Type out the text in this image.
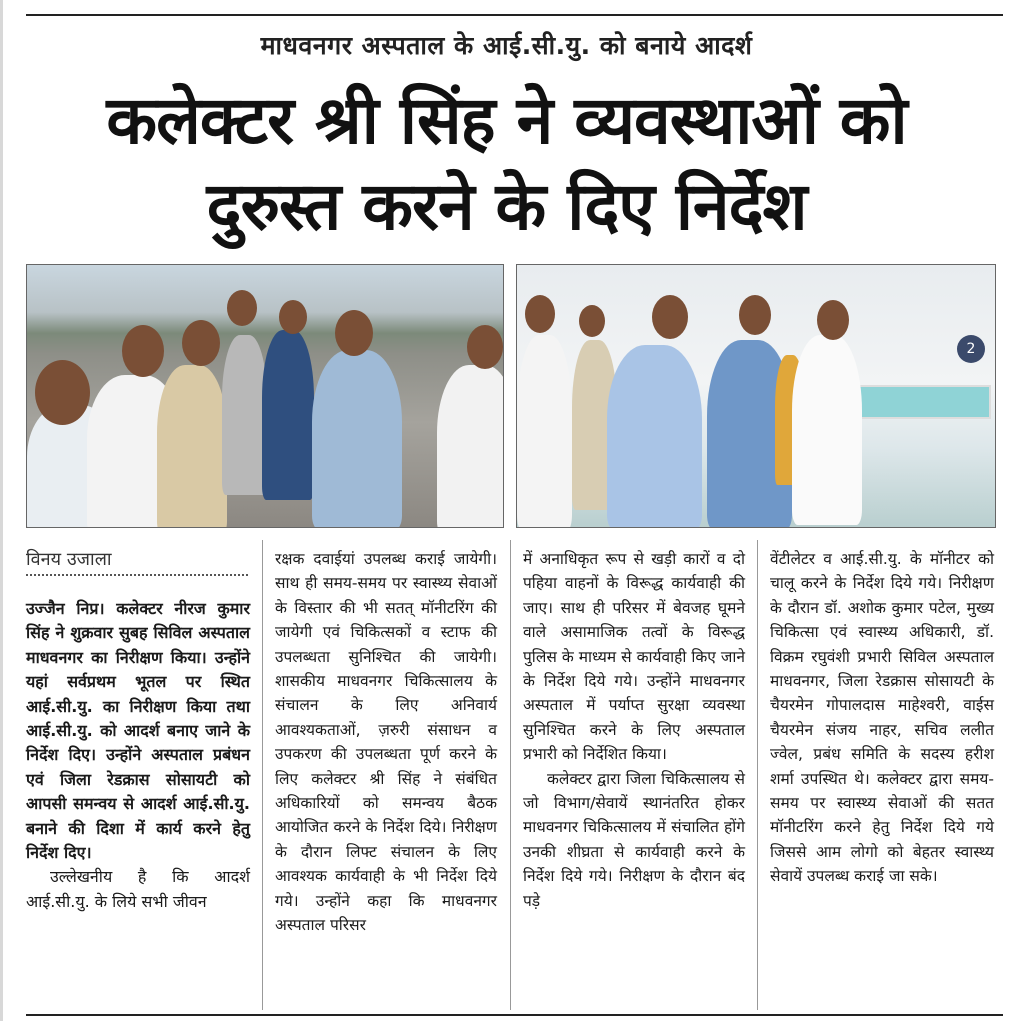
माधवनगर अस्पताल के आई.सी.यु. को बनाये आदर्श
कलेक्टर श्री सिंह ने व्यवस्थाओं को
दुरुस्त करने के दिए निर्देश
2
विनय उजाला

उज्जैन निप्र। कलेक्टर नीरज कुमार सिंह ने शुक्रवार सुबह सिविल अस्पताल माधवनगर का निरीक्षण किया। उन्होंने यहां सर्वप्रथम भूतल पर स्थित आई.सी.यु. का निरीक्षण किया तथा आई.सी.यु. को आदर्श बनाए जाने के निर्देश दिए। उन्होंने अस्पताल प्रबंधन एवं जिला रेडक्रास सोसायटी को आपसी समन्वय से आदर्श आई.सी.यु. बनाने की दिशा में कार्य करने हेतु निर्देश दिए।

उल्लेखनीय है कि आदर्श आई.सी.यु. के लिये सभी जीवन

रक्षक दवाईयां उपलब्ध कराई जायेगी। साथ ही समय-समय पर स्वास्थ्य सेवाओं के विस्तार की भी सतत् मॉनीटरिंग की जायेगी एवं चिकित्सकों व स्टाफ की उपलब्धता सुनिश्चित की जायेगी। शासकीय माधवनगर चिकित्सालय के संचालन के लिए अनिवार्य आवश्यकताओं, ज़रुरी संसाधन व उपकरण की उपलब्धता पूर्ण करने के लिए कलेक्टर श्री सिंह ने संबंधित अधिकारियों को समन्वय बैठक आयोजित करने के निर्देश दिये। निरीक्षण के दौरान लिफ्ट संचालन के लिए आवश्यक कार्यवाही के भी निर्देश दिये गये। उन्होंने कहा कि माधवनगर अस्पताल परिसर

में अनाधिकृत रूप से खड़ी कारों व दो पहिया वाहनों के विरूद्ध कार्यवाही की जाए। साथ ही परिसर में बेवजह घूमने वाले असामाजिक तत्वों के विरूद्ध पुलिस के माध्यम से कार्यवाही किए जाने के निर्देश दिये गये। उन्होंने माधवनगर अस्पताल में पर्याप्त सुरक्षा व्यवस्था सुनिश्चित करने के लिए अस्पताल प्रभारी को निर्देशित किया।

कलेक्टर द्वारा जिला चिकित्सालय से जो विभाग/सेवायें स्थानंतरित होकर माधवनगर चिकित्सालय में संचालित होंगे उनकी शीघ्रता से कार्यवाही करने के निर्देश दिये गये। निरीक्षण के दौरान बंद पड़े

वेंटीलेटर व आई.सी.यु. के मॉनीटर को चालू करने के निर्देश दिये गये। निरीक्षण के दौरान डॉ. अशोक कुमार पटेल, मुख्य चिकित्सा एवं स्वास्थ्य अधिकारी, डॉ. विक्रम रघुवंशी प्रभारी सिविल अस्पताल माधवनगर, जिला रेडक्रास सोसायटी के चैयरमेन गोपालदास माहेश्वरी, वाईस चैयरमेन संजय नाहर, सचिव ललीत ज्वेल, प्रबंध समिति के सदस्य हरीश शर्मा उपस्थित थे। कलेक्टर द्वारा समय-समय पर स्वास्थ्य सेवाओं की सतत मॉनीटरिंग करने हेतु निर्देश दिये गये जिससे आम लोगो को बेहतर स्वास्थ्य सेवायें उपलब्ध कराई जा सके।
